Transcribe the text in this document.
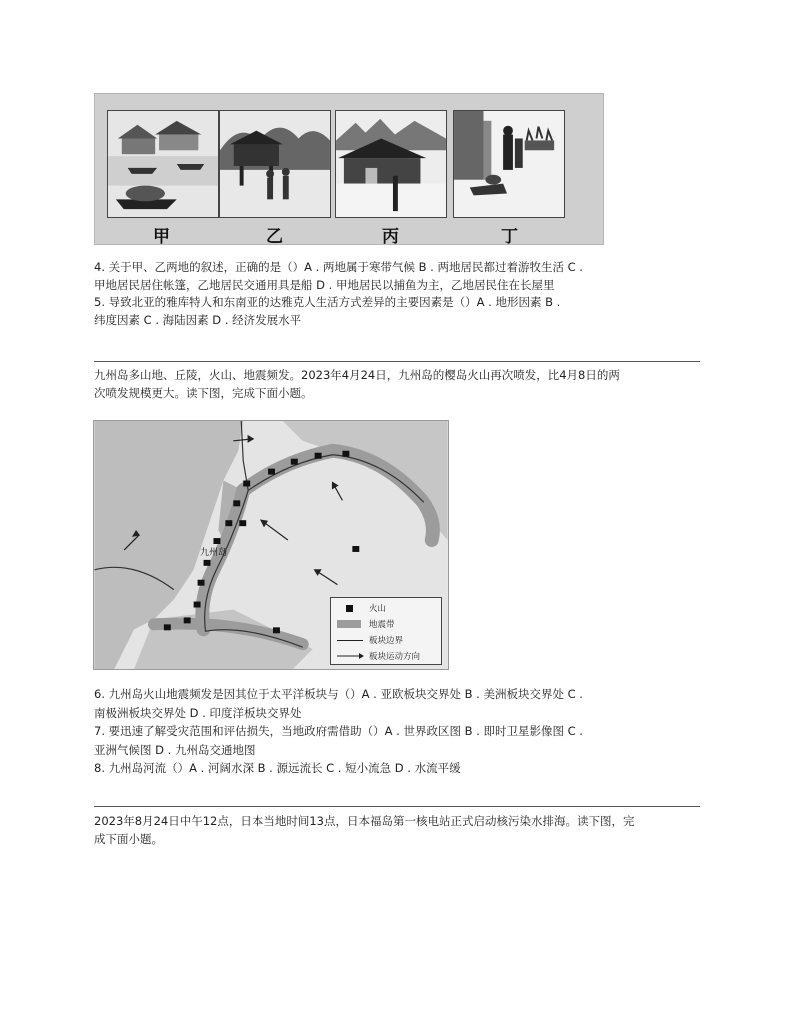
甲	乙	丙	丁
4. 关于甲、乙两地的叙述，正确的是（）A . 两地属于寒带气候 B . 两地居民都过着游牧生活 C .
甲地居民居住帐篷，乙地居民交通用具是船 D . 甲地居民以捕鱼为主，乙地居民住在长屋里
5. 导致北亚的雅库特人和东南亚的达雅克人生活方式差异的主要因素是（）A . 地形因素 B .
纬度因素 C . 海陆因素 D . 经济发展水平
九州岛多山地、丘陵，火山、地震频发。2023年4月24日，九州岛的樱岛火山再次喷发，比4月8日的两
次喷发规模更大。读下图，完成下面小题。
九州岛
火山
地震带
板块边界
板块运动方向
6. 九州岛火山地震频发是因其位于太平洋板块与（）A . 亚欧板块交界处 B . 美洲板块交界处 C .
南极洲板块交界处 D . 印度洋板块交界处
7. 要迅速了解受灾范围和评估损失，当地政府需借助（）A . 世界政区图 B . 即时卫星影像图 C .
亚洲气候图 D . 九州岛交通地图
8. 九州岛河流（）A . 河阔水深 B . 源远流长 C . 短小流急 D . 水流平缓
2023年8月24日中午12点，日本当地时间13点，日本福岛第一核电站正式启动核污染水排海。读下图，完
成下面小题。
